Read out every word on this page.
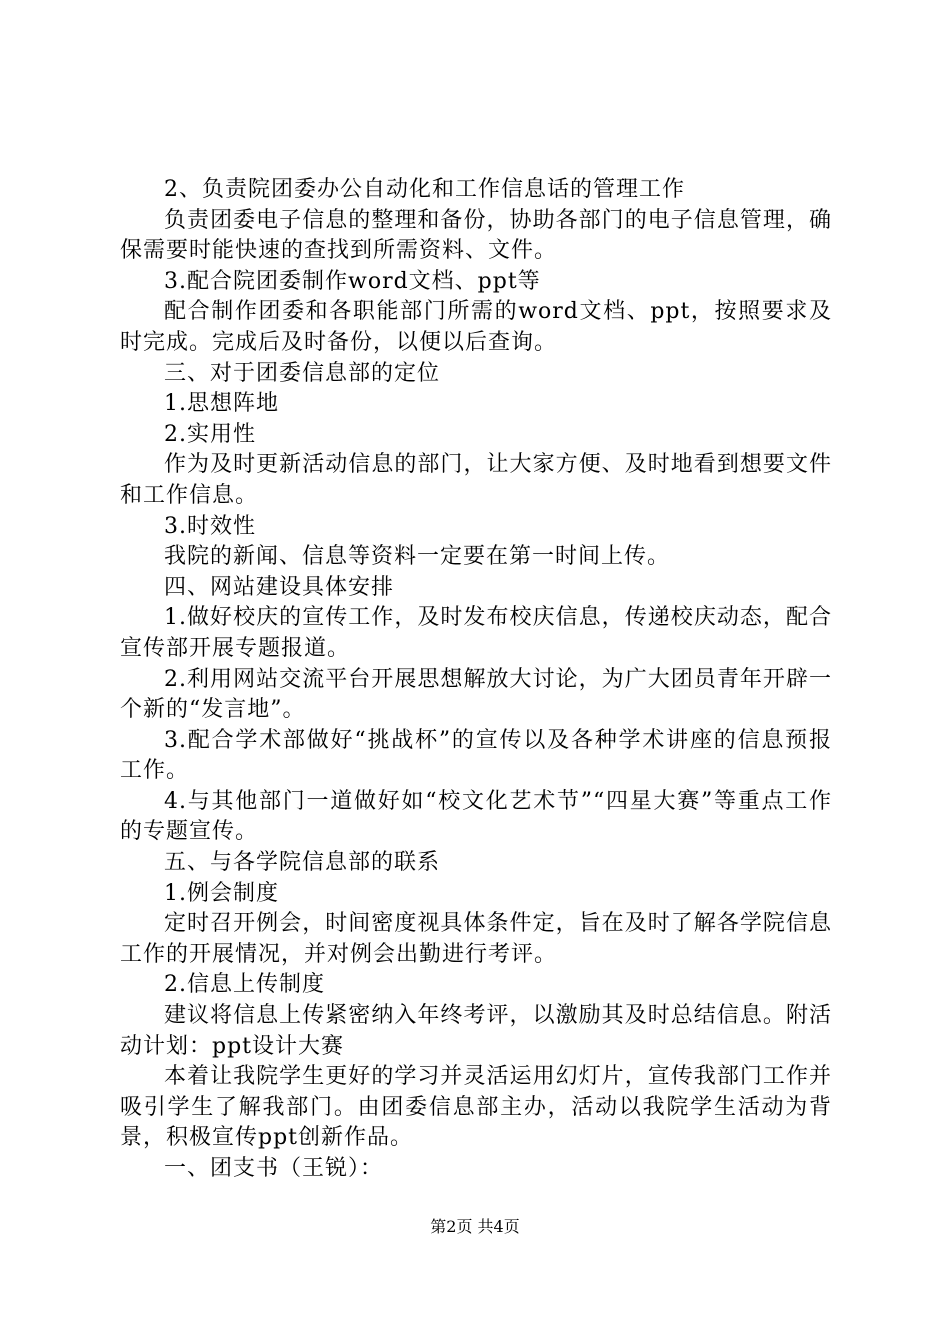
2、负责院团委办公自动化和工作信息话的管理工作

负责团委电子信息的整理和备份，协助各部门的电子信息管理，确保需要时能快速的查找到所需资料、文件。

3.配合院团委制作word文档、ppt等

配合制作团委和各职能部门所需的word文档、ppt，按照要求及时完成。完成后及时备份，以便以后查询。

三、对于团委信息部的定位

1.思想阵地

2.实用性

作为及时更新活动信息的部门，让大家方便、及时地看到想要文件和工作信息。

3.时效性

我院的新闻、信息等资料一定要在第一时间上传。

四、网站建设具体安排

1.做好校庆的宣传工作，及时发布校庆信息，传递校庆动态，配合宣传部开展专题报道。

2.利用网站交流平台开展思想解放大讨论，为广大团员青年开辟一个新的“发言地”。

3.配合学术部做好“挑战杯”的宣传以及各种学术讲座的信息预报工作。

4.与其他部门一道做好如“校文化艺术节”“四星大赛”等重点工作的专题宣传。

五、与各学院信息部的联系

1.例会制度

定时召开例会，时间密度视具体条件定，旨在及时了解各学院信息工作的开展情况，并对例会出勤进行考评。

2.信息上传制度

建议将信息上传紧密纳入年终考评，以激励其及时总结信息。附活动计划：ppt设计大赛

本着让我院学生更好的学习并灵活运用幻灯片，宣传我部门工作并吸引学生了解我部门。由团委信息部主办，活动以我院学生活动为背景，积极宣传ppt创新作品。

一、团支书（王锐）：

第2页 共4页
